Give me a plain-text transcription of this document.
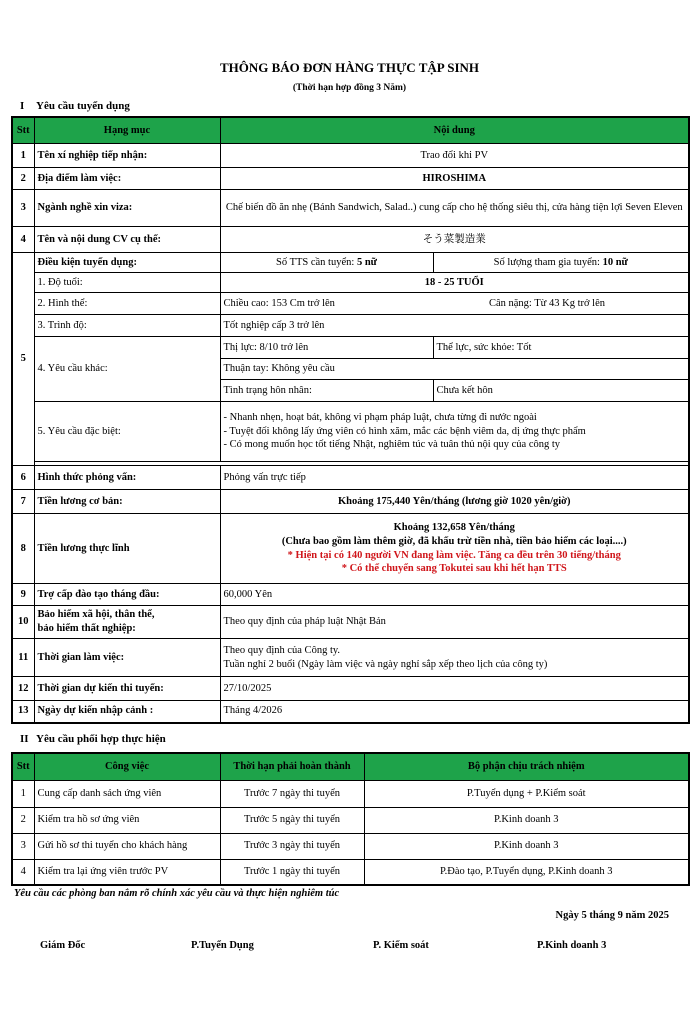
THÔNG BÁO ĐƠN HÀNG THỰC TẬP SINH
(Thời hạn hợp đồng 3 Năm)
I Yêu cầu tuyển dụng
Stt	Hạng mục	Nội dung	
1	Tên xí nghiệp tiếp nhận:	Trao đổi khi PV	
2	Địa điểm làm việc:	HIROSHIMA	
3	Ngành nghề xin viza:	Chế biến đồ ăn nhẹ (Bánh Sandwich, Salad..) cung cấp cho hệ thống siêu thị, cửa hàng tiện lợi Seven Eleven	
4	Tên và nội dung CV cụ thể:	そう菜製造業	
5	Điều kiện tuyển dụng:	Số TTS cần tuyển: 5 nữ	Số lượng tham gia tuyển: 10 nữ
	1. Độ tuổi:	18 - 25 TUỔI	
	2. Hình thể:	Chiều cao: 153 Cm trở lên Cân nặng: Từ 43 Kg trở lên	

	3. Trình độ:	Tốt nghiệp cấp 3 trở lên	
	4. Yêu cầu khác:	Thị lực: 8/10 trở lên	Thể lực, sức khỏe: Tốt
		Thuận tay: Không yêu cầu	
		Tình trạng hôn nhân:	Chưa kết hôn
	5. Yêu cầu đặc biệt:	- Nhanh nhẹn, hoạt bát, không vi phạm pháp luật, chưa từng đi nước ngoài
- Tuyệt đối không lấy ứng viên có hình xăm, mắc các bệnh viêm da, dị ứng thực phẩm
- Có mong muốn học tốt tiếng Nhật, nghiêm túc và tuân thủ nội quy của công ty	

6	Hình thức phỏng vấn:	Phỏng vấn trực tiếp	
7	Tiền lương cơ bản:	Khoảng 175,440 Yên/tháng (lương giờ 1020 yên/giờ)	
8	Tiền lương thực lĩnh	Khoảng 132,658 Yên/tháng
(Chưa bao gồm làm thêm giờ, đã khấu trừ tiền nhà, tiền bảo hiểm các loại....)
* Hiện tại có 140 người VN đang làm việc. Tăng ca đều trên 30 tiếng/tháng
* Có thể chuyển sang Tokutei sau khi hết hạn TTS	

9	Trợ cấp đào tạo tháng đầu:	60,000 Yên	
10	Bảo hiểm xã hội, thân thể,
bảo hiểm thất nghiệp:	Theo quy định của pháp luật Nhật Bản	
11	Thời gian làm việc:	Theo quy định của Công ty.
Tuần nghỉ 2 buổi (Ngày làm việc và ngày nghỉ sắp xếp theo lịch của công ty)	

12	Thời gian dự kiến thi tuyển:	27/10/2025	
13	Ngày dự kiến nhập cảnh :	Tháng 4/2026	
II Yêu cầu phối hợp thực hiện
Stt	Công việc	Thời hạn phải hoàn thành	Bộ phận chịu trách nhiệm
1	Cung cấp danh sách ứng viên	Trước 7 ngày thi tuyển	P.Tuyển dụng + P.Kiểm soát
2	Kiểm tra hồ sơ ứng viên	Trước 5 ngày thi tuyển	P.Kinh doanh 3
3	Gửi hồ sơ thi tuyển cho khách hàng	Trước 3 ngày thi tuyển	P.Kinh doanh 3
4	Kiểm tra lại ứng viên trước PV	Trước 1 ngày thi tuyển	P.Đào tạo, P.Tuyển dụng, P.Kinh doanh 3
Yêu cầu các phòng ban nắm rõ chính xác yêu cầu và thực hiện nghiêm túc
Ngày 5 tháng 9 năm 2025
Giám Đốc	P.Tuyển Dụng	P. Kiểm soát	P.Kinh doanh 3
